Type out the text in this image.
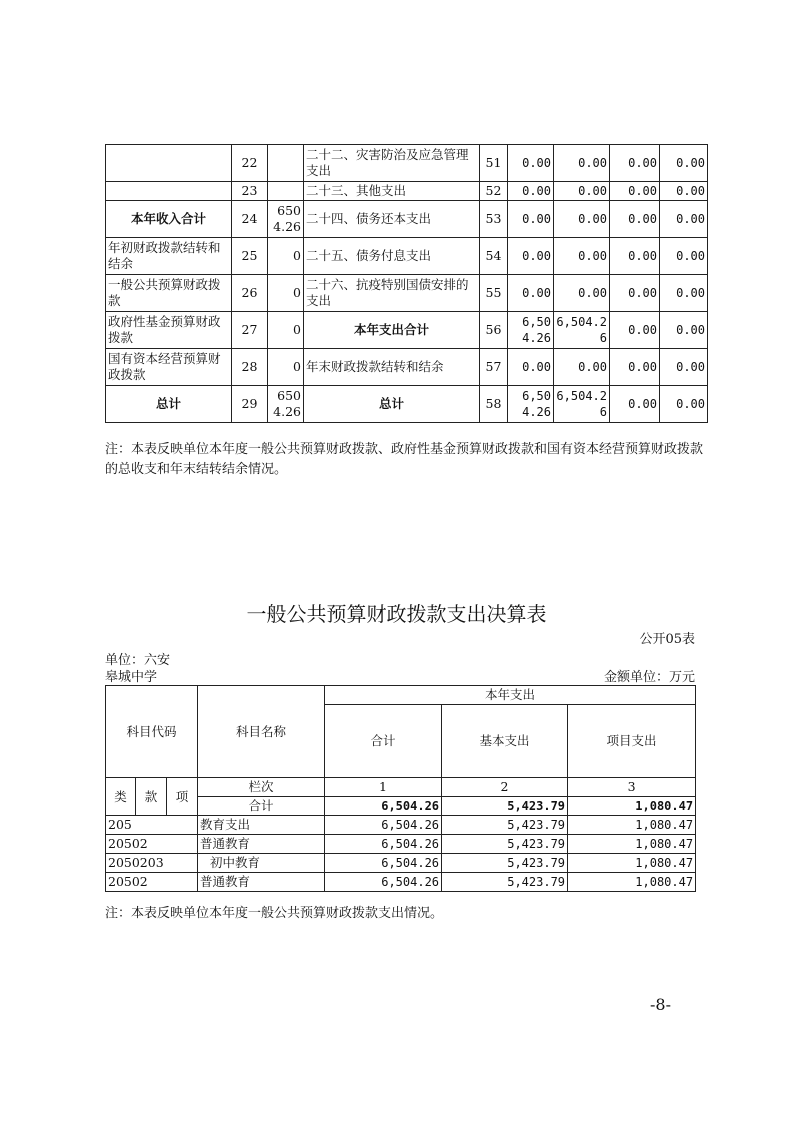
	22		二十二、灾害防治及应急管理支出	51	0.00	0.00	0.00	0.00
	23		二十三、其他支出	52	0.00	0.00	0.00	0.00
本年收入合计	24	6504.26	二十四、债务还本支出	53	0.00	0.00	0.00	0.00
年初财政拨款结转和结余	25	0	二十五、债务付息支出	54	0.00	0.00	0.00	0.00
一般公共预算财政拨款	26	0	二十六、抗疫特别国债安排的支出	55	0.00	0.00	0.00	0.00
政府性基金预算财政拨款	27	0	本年支出合计	56	6,504.26	6,504.26	0.00	0.00
国有资本经营预算财政拨款	28	0	年末财政拨款结转和结余	57	0.00	0.00	0.00	0.00
总计	29	6504.26	总计	58	6,504.26	6,504.26	0.00	0.00
注：本表反映单位本年度一般公共预算财政拨款、政府性基金预算财政拨款和国有资本经营预算财政拨款的总收支和年末结转结余情况。
一般公共预算财政拨款支出决算表
公开05表
单位：六安
皋城中学	金额单位：万元
科目代码			科目名称	本年支出		
				合计	基本支出	项目支出
类	款	项	栏次	1	2	3
			合计	6,504.26	5,423.79	1,080.47
205			教育支出	6,504.26	5,423.79	1,080.47
20502			普通教育	6,504.26	5,423.79	1,080.47
2050203			初中教育	6,504.26	5,423.79	1,080.47
20502			普通教育	6,504.26	5,423.79	1,080.47
注：本表反映单位本年度一般公共预算财政拨款支出情况。
-8-
